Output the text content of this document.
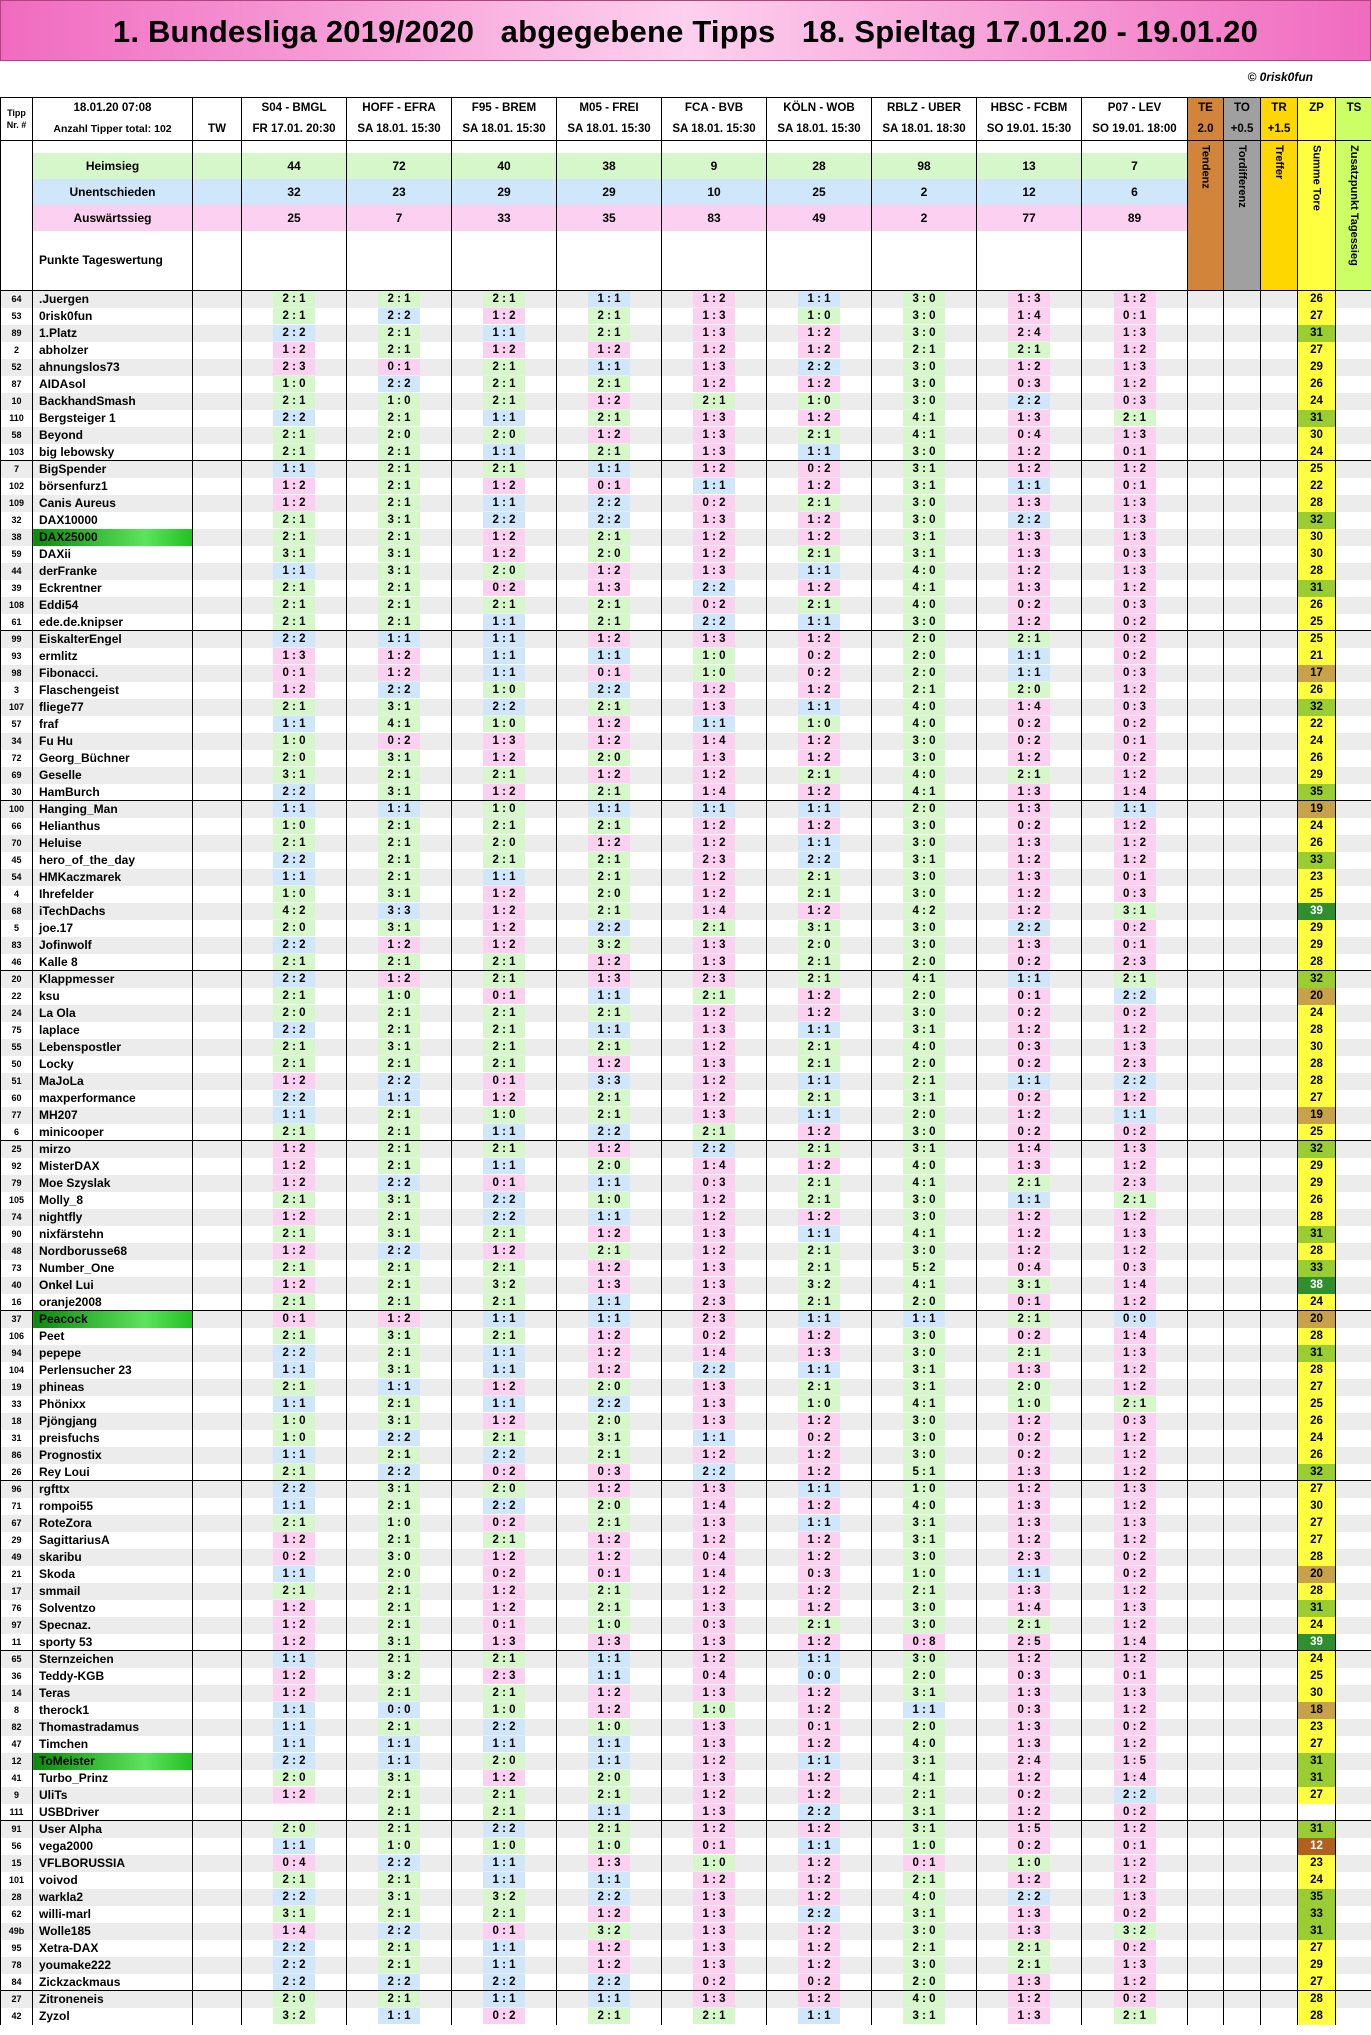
1. Bundesliga 2019/2020   abgegebene Tipps   18. Spieltag 17.01.20 - 19.01.20
© 0risk0fun
Tipp Nr. #	18.01.20 07:08		S04 - BMGL	HOFF - EFRA	F95 - BREM	M05 - FREI	FCA - BVB	KÖLN - WOB	RBLZ - UBER	HBSC - FCBM	P07 - LEV	TE	TO	TR	ZP	TS
	Anzahl Tipper total: 102	TW	FR 17.01. 20:30	SA 18.01. 15:30	SA 18.01. 15:30	SA 18.01. 15:30	SA 18.01. 15:30	SA 18.01. 15:30	SA 18.01. 18:30	SO 19.01. 15:30	SO 19.01. 18:00	2.0	+0.5	+1.5		
												Tendenz	Tordifferenz	Treffer	Summe Tore	Zusatzpunkt Tagessieg
	Heimsieg		44	72	40	38	9	28	98	13	7					
	Unentschieden		32	23	29	29	10	25	2	12	6					
	Auswärtssieg		25	7	33	35	83	49	2	77	89					
	Punkte Tageswertung															
64	.Juergen		2 : 1	2 : 1	2 : 1	1 : 1	1 : 2	1 : 1	3 : 0	1 : 3	1 : 2				26	
53	0risk0fun		2 : 1	2 : 2	1 : 2	2 : 1	1 : 3	1 : 0	3 : 0	1 : 4	0 : 1				27	
89	1.Platz		2 : 2	2 : 1	1 : 1	2 : 1	1 : 3	1 : 2	3 : 0	2 : 4	1 : 3				31	
2	abholzer		1 : 2	2 : 1	1 : 2	1 : 2	1 : 2	1 : 2	2 : 1	2 : 1	1 : 2				27	
52	ahnungslos73		2 : 3	0 : 1	2 : 1	1 : 1	1 : 3	2 : 2	3 : 0	1 : 2	1 : 3				29	
87	AIDAsol		1 : 0	2 : 2	2 : 1	2 : 1	1 : 2	1 : 2	3 : 0	0 : 3	1 : 2				26	
10	BackhandSmash		2 : 1	1 : 0	2 : 1	1 : 2	2 : 1	1 : 0	3 : 0	2 : 2	0 : 3				24	
110	Bergsteiger 1		2 : 2	2 : 1	1 : 1	2 : 1	1 : 3	1 : 2	4 : 1	1 : 3	2 : 1				31	
58	Beyond		2 : 1	2 : 0	2 : 0	1 : 2	1 : 3	2 : 1	4 : 1	0 : 4	1 : 3				30	
103	big lebowsky		2 : 1	2 : 1	1 : 1	2 : 1	1 : 3	1 : 1	3 : 0	1 : 2	0 : 1				24	
7	BigSpender		1 : 1	2 : 1	2 : 1	1 : 1	1 : 2	0 : 2	3 : 1	1 : 2	1 : 2				25	
102	börsenfurz1		1 : 2	2 : 1	1 : 2	0 : 1	1 : 1	1 : 2	3 : 1	1 : 1	0 : 1				22	
109	Canis Aureus		1 : 2	2 : 1	1 : 1	2 : 2	0 : 2	2 : 1	3 : 0	1 : 3	1 : 3				28	
32	DAX10000		2 : 1	3 : 1	2 : 2	2 : 2	1 : 3	1 : 2	3 : 0	2 : 2	1 : 3				32	
38	DAX25000		2 : 1	2 : 1	1 : 2	2 : 1	1 : 2	1 : 2	3 : 1	1 : 3	1 : 3				30	
59	DAXii		3 : 1	3 : 1	1 : 2	2 : 0	1 : 2	2 : 1	3 : 1	1 : 3	0 : 3				30	
44	derFranke		1 : 1	3 : 1	2 : 0	1 : 2	1 : 3	1 : 1	4 : 0	1 : 2	1 : 3				28	
39	Eckrentner		2 : 1	2 : 1	0 : 2	1 : 3	2 : 2	1 : 2	4 : 1	1 : 3	1 : 2				31	
108	Eddi54		2 : 1	2 : 1	2 : 1	2 : 1	0 : 2	2 : 1	4 : 0	0 : 2	0 : 3				26	
61	ede.de.knipser		2 : 1	2 : 1	1 : 1	2 : 1	2 : 2	1 : 1	3 : 0	1 : 2	0 : 2				25	
99	EiskalterEngel		2 : 2	1 : 1	1 : 1	1 : 2	1 : 3	1 : 2	2 : 0	2 : 1	0 : 2				25	
93	ermlitz		1 : 3	1 : 2	1 : 1	1 : 1	1 : 0	0 : 2	2 : 0	1 : 1	0 : 2				21	
98	Fibonacci.		0 : 1	1 : 2	1 : 1	0 : 1	1 : 0	0 : 2	2 : 0	1 : 1	0 : 3				17	
3	Flaschengeist		1 : 2	2 : 2	1 : 0	2 : 2	1 : 2	1 : 2	2 : 1	2 : 0	1 : 2				26	
107	fliege77		2 : 1	3 : 1	2 : 2	2 : 1	1 : 3	1 : 1	4 : 0	1 : 4	0 : 3				32	
57	fraf		1 : 1	4 : 1	1 : 0	1 : 2	1 : 1	1 : 0	4 : 0	0 : 2	0 : 2				22	
34	Fu Hu		1 : 0	0 : 2	1 : 3	1 : 2	1 : 4	1 : 2	3 : 0	0 : 2	0 : 1				24	
72	Georg_Büchner		2 : 0	3 : 1	1 : 2	2 : 0	1 : 3	1 : 2	3 : 0	1 : 2	0 : 2				26	
69	Geselle		3 : 1	2 : 1	2 : 1	1 : 2	1 : 2	2 : 1	4 : 0	2 : 1	1 : 2				29	
30	HamBurch		2 : 2	3 : 1	1 : 2	2 : 1	1 : 4	1 : 2	4 : 1	1 : 3	1 : 4				35	
100	Hanging_Man		1 : 1	1 : 1	1 : 0	1 : 1	1 : 1	1 : 1	2 : 0	1 : 3	1 : 1				19	
66	Helianthus		1 : 0	2 : 1	2 : 1	2 : 1	1 : 2	1 : 2	3 : 0	0 : 2	1 : 2				24	
70	Heluise		2 : 1	2 : 1	2 : 0	1 : 2	1 : 2	1 : 1	3 : 0	1 : 3	1 : 2				26	
45	hero_of_the_day		2 : 2	2 : 1	2 : 1	2 : 1	2 : 3	2 : 2	3 : 1	1 : 2	1 : 2				33	
54	HMKaczmarek		1 : 1	2 : 1	1 : 1	2 : 1	1 : 2	2 : 1	3 : 0	1 : 3	0 : 1				23	
4	Ihrefelder		1 : 0	3 : 1	1 : 2	2 : 0	1 : 2	2 : 1	3 : 0	1 : 2	0 : 3				25	
68	iTechDachs		4 : 2	3 : 3	1 : 2	2 : 1	1 : 4	1 : 2	4 : 2	1 : 2	3 : 1				39	
5	joe.17		2 : 0	3 : 1	1 : 2	2 : 2	2 : 1	3 : 1	3 : 0	2 : 2	0 : 2				29	
83	Jofinwolf		2 : 2	1 : 2	1 : 2	3 : 2	1 : 3	2 : 0	3 : 0	1 : 3	0 : 1				29	
46	Kalle 8		2 : 1	2 : 1	2 : 1	1 : 2	1 : 3	2 : 1	2 : 0	0 : 2	2 : 3				28	
20	Klappmesser		2 : 2	1 : 2	2 : 1	1 : 3	2 : 3	2 : 1	4 : 1	1 : 1	2 : 1				32	
22	ksu		2 : 1	1 : 0	0 : 1	1 : 1	2 : 1	1 : 2	2 : 0	0 : 1	2 : 2				20	
24	La Ola		2 : 0	2 : 1	2 : 1	2 : 1	1 : 2	1 : 2	3 : 0	0 : 2	0 : 2				24	
75	laplace		2 : 2	2 : 1	2 : 1	1 : 1	1 : 3	1 : 1	3 : 1	1 : 2	1 : 2				28	
55	Lebenspostler		2 : 1	3 : 1	2 : 1	2 : 1	1 : 2	2 : 1	4 : 0	0 : 3	1 : 3				30	
50	Locky		2 : 1	2 : 1	2 : 1	1 : 2	1 : 3	2 : 1	2 : 0	0 : 2	2 : 3				28	
51	MaJoLa		1 : 2	2 : 2	0 : 1	3 : 3	1 : 2	1 : 1	2 : 1	1 : 1	2 : 2				28	
60	maxperformance		2 : 2	1 : 1	1 : 2	2 : 1	1 : 2	2 : 1	3 : 1	0 : 2	1 : 2				27	
77	MH207		1 : 1	2 : 1	1 : 0	2 : 1	1 : 3	1 : 1	2 : 0	1 : 2	1 : 1				19	
6	minicooper		2 : 1	2 : 1	1 : 1	2 : 2	2 : 1	1 : 2	3 : 0	0 : 2	0 : 2				25	
25	mirzo		1 : 2	2 : 1	2 : 1	1 : 2	2 : 2	2 : 1	3 : 1	1 : 4	1 : 3				32	
92	MisterDAX		1 : 2	2 : 1	1 : 1	2 : 0	1 : 4	1 : 2	4 : 0	1 : 3	1 : 2				29	
79	Moe Szyslak		1 : 2	2 : 2	0 : 1	1 : 1	0 : 3	2 : 1	4 : 1	2 : 1	2 : 3				29	
105	Molly_8		2 : 1	3 : 1	2 : 2	1 : 0	1 : 2	2 : 1	3 : 0	1 : 1	2 : 1				26	
74	nightfly		1 : 2	2 : 1	2 : 2	1 : 1	1 : 2	1 : 2	3 : 0	1 : 2	1 : 2				28	
90	nixfärstehn		2 : 1	3 : 1	2 : 1	1 : 2	1 : 3	1 : 1	4 : 1	1 : 2	1 : 3				31	
48	Nordborusse68		1 : 2	2 : 2	1 : 2	2 : 1	1 : 2	2 : 1	3 : 0	1 : 2	1 : 2				28	
73	Number_One		2 : 1	2 : 1	2 : 1	1 : 2	1 : 3	2 : 1	5 : 2	0 : 4	0 : 3				33	
40	Onkel Lui		1 : 2	2 : 1	3 : 2	1 : 3	1 : 3	3 : 2	4 : 1	3 : 1	1 : 4				38	
16	oranje2008		2 : 1	2 : 1	2 : 1	1 : 1	2 : 3	2 : 1	2 : 0	0 : 1	1 : 2				24	
37	Peacock		0 : 1	1 : 2	1 : 1	1 : 1	2 : 3	1 : 1	1 : 1	2 : 1	0 : 0				20	
106	Peet		2 : 1	3 : 1	2 : 1	1 : 2	0 : 2	1 : 2	3 : 0	0 : 2	1 : 4				28	
94	pepepe		2 : 2	2 : 1	1 : 1	1 : 2	1 : 4	1 : 3	3 : 0	2 : 1	1 : 3				31	
104	Perlensucher 23		1 : 1	3 : 1	1 : 1	1 : 2	2 : 2	1 : 1	3 : 1	1 : 3	1 : 2				28	
19	phineas		2 : 1	1 : 1	1 : 2	2 : 0	1 : 3	2 : 1	3 : 1	2 : 0	1 : 2				27	
33	Phönixx		1 : 1	2 : 1	1 : 1	2 : 2	1 : 3	1 : 0	4 : 1	1 : 0	2 : 1				25	
18	Pjöngjang		1 : 0	3 : 1	1 : 2	2 : 0	1 : 3	1 : 2	3 : 0	1 : 2	0 : 3				26	
31	preisfuchs		1 : 0	2 : 2	2 : 1	3 : 1	1 : 1	0 : 2	3 : 0	0 : 2	1 : 2				24	
86	Prognostix		1 : 1	2 : 1	2 : 2	2 : 1	1 : 2	1 : 2	3 : 0	0 : 2	1 : 2				26	
26	Rey Loui		2 : 1	2 : 2	0 : 2	0 : 3	2 : 2	1 : 2	5 : 1	1 : 3	1 : 2				32	
96	rgfttx		2 : 2	3 : 1	2 : 0	1 : 2	1 : 3	1 : 1	1 : 0	1 : 2	1 : 3				27	
71	rompoi55		1 : 1	2 : 1	2 : 2	2 : 0	1 : 4	1 : 2	4 : 0	1 : 3	1 : 2				30	
67	RoteZora		2 : 1	1 : 0	0 : 2	2 : 1	1 : 3	1 : 1	3 : 1	1 : 3	1 : 3				27	
29	SagittariusA		1 : 2	2 : 1	2 : 1	1 : 2	1 : 2	1 : 2	3 : 1	1 : 2	1 : 2				27	
49	skaribu		0 : 2	3 : 0	1 : 2	1 : 2	0 : 4	1 : 2	3 : 0	2 : 3	0 : 2				28	
21	Skoda		1 : 1	2 : 0	0 : 2	0 : 1	1 : 4	0 : 3	1 : 0	1 : 1	0 : 2				20	
17	smmail		2 : 1	2 : 1	1 : 2	2 : 1	1 : 2	1 : 2	2 : 1	1 : 3	1 : 2				28	
76	Solventzo		1 : 2	2 : 1	1 : 2	2 : 1	1 : 3	1 : 2	3 : 0	1 : 4	1 : 3				31	
97	Specnaz.		1 : 2	2 : 1	0 : 1	1 : 0	0 : 3	2 : 1	3 : 0	2 : 1	1 : 2				24	
11	sporty 53		1 : 2	3 : 1	1 : 3	1 : 3	1 : 3	1 : 2	0 : 8	2 : 5	1 : 4				39	
65	Sternzeichen		1 : 1	2 : 1	2 : 1	1 : 1	1 : 2	1 : 1	3 : 0	1 : 2	1 : 2				24	
36	Teddy-KGB		1 : 2	3 : 2	2 : 3	1 : 1	0 : 4	0 : 0	2 : 0	0 : 3	0 : 1				25	
14	Teras		1 : 2	2 : 1	2 : 1	1 : 2	1 : 3	1 : 2	3 : 1	1 : 3	1 : 3				30	
8	therock1		1 : 1	0 : 0	1 : 0	1 : 2	1 : 0	1 : 2	1 : 1	0 : 3	1 : 2				18	
82	Thomastradamus		1 : 1	2 : 1	2 : 2	1 : 0	1 : 3	0 : 1	2 : 0	1 : 3	0 : 2				23	
47	Timchen		1 : 1	1 : 1	1 : 1	1 : 1	1 : 3	1 : 2	4 : 0	1 : 3	1 : 2				27	
12	ToMeister		2 : 2	1 : 1	2 : 0	1 : 1	1 : 2	1 : 1	3 : 1	2 : 4	1 : 5				31	
41	Turbo_Prinz		2 : 0	3 : 1	1 : 2	2 : 0	1 : 3	1 : 2	4 : 1	1 : 2	1 : 4				31	
9	UliTs		1 : 2	2 : 1	2 : 1	2 : 1	1 : 2	1 : 2	2 : 1	0 : 2	2 : 2				27	
111	USBDriver			2 : 1	2 : 1	1 : 1	1 : 3	2 : 2	3 : 1	1 : 2	0 : 2					
91	User Alpha		2 : 0	2 : 1	2 : 2	2 : 1	1 : 2	1 : 2	3 : 1	1 : 5	1 : 2				31	
56	vega2000		1 : 1	1 : 0	1 : 0	1 : 0	0 : 1	1 : 1	1 : 0	0 : 2	0 : 1				12	
15	VFLBORUSSIA		0 : 4	2 : 2	1 : 1	1 : 3	1 : 0	1 : 2	0 : 1	1 : 0	1 : 2				23	
101	voivod		2 : 1	2 : 1	1 : 1	1 : 1	1 : 2	1 : 2	2 : 1	1 : 2	1 : 2				24	
28	warkla2		2 : 2	3 : 1	3 : 2	2 : 2	1 : 3	1 : 2	4 : 0	2 : 2	1 : 3				35	
62	willi-marl		3 : 1	2 : 1	2 : 1	1 : 2	1 : 3	2 : 2	3 : 1	1 : 3	0 : 2				33	
49b	Wolle185		1 : 4	2 : 2	0 : 1	3 : 2	1 : 3	1 : 2	3 : 0	1 : 3	3 : 2				31	
95	Xetra-DAX		2 : 2	2 : 1	1 : 1	1 : 2	1 : 3	1 : 2	2 : 1	2 : 1	0 : 2				27	
78	youmake222		2 : 2	2 : 1	1 : 1	1 : 2	1 : 3	1 : 2	3 : 0	2 : 1	1 : 3				29	
84	Zickzackmaus		2 : 2	2 : 2	2 : 2	2 : 2	0 : 2	0 : 2	2 : 0	1 : 3	1 : 2				27	
27	Zitroneneis		2 : 0	2 : 1	1 : 1	1 : 1	1 : 3	1 : 2	4 : 0	1 : 2	0 : 2				28	
42	Zyzol		3 : 2	1 : 1	0 : 2	2 : 1	2 : 1	1 : 1	3 : 1	1 : 3	2 : 1				28	
